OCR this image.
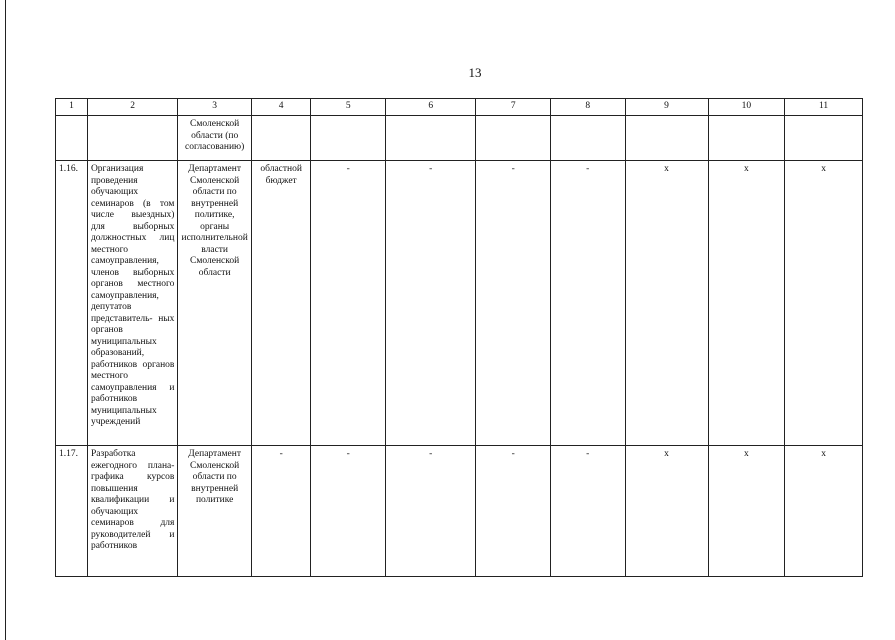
13
1	2	3	4	5	6	7	8	9	10	11
		Смоленской области (по согласованию)								
1.16.	Организация проведения обучающих семинаров (в том числе выездных) для выборных должностных лиц местного самоуправления, членов выборных органов местного самоуправления, депутатов представитель- ных органов муниципальных образований, работников органов местного самоуправления и работников муниципальных учреждений	Департамент Смоленской области по внутренней политике, органы исполнительной власти Смоленской области	областной бюджет	-	-	-	-	х	х	х
1.17.	Разработка ежегодного плана-графика курсов повышения квалификации и обучающих семинаров для руководителей и работников	Департамент Смоленской области по внутренней политике	-	-	-	-	-	х	х	х
